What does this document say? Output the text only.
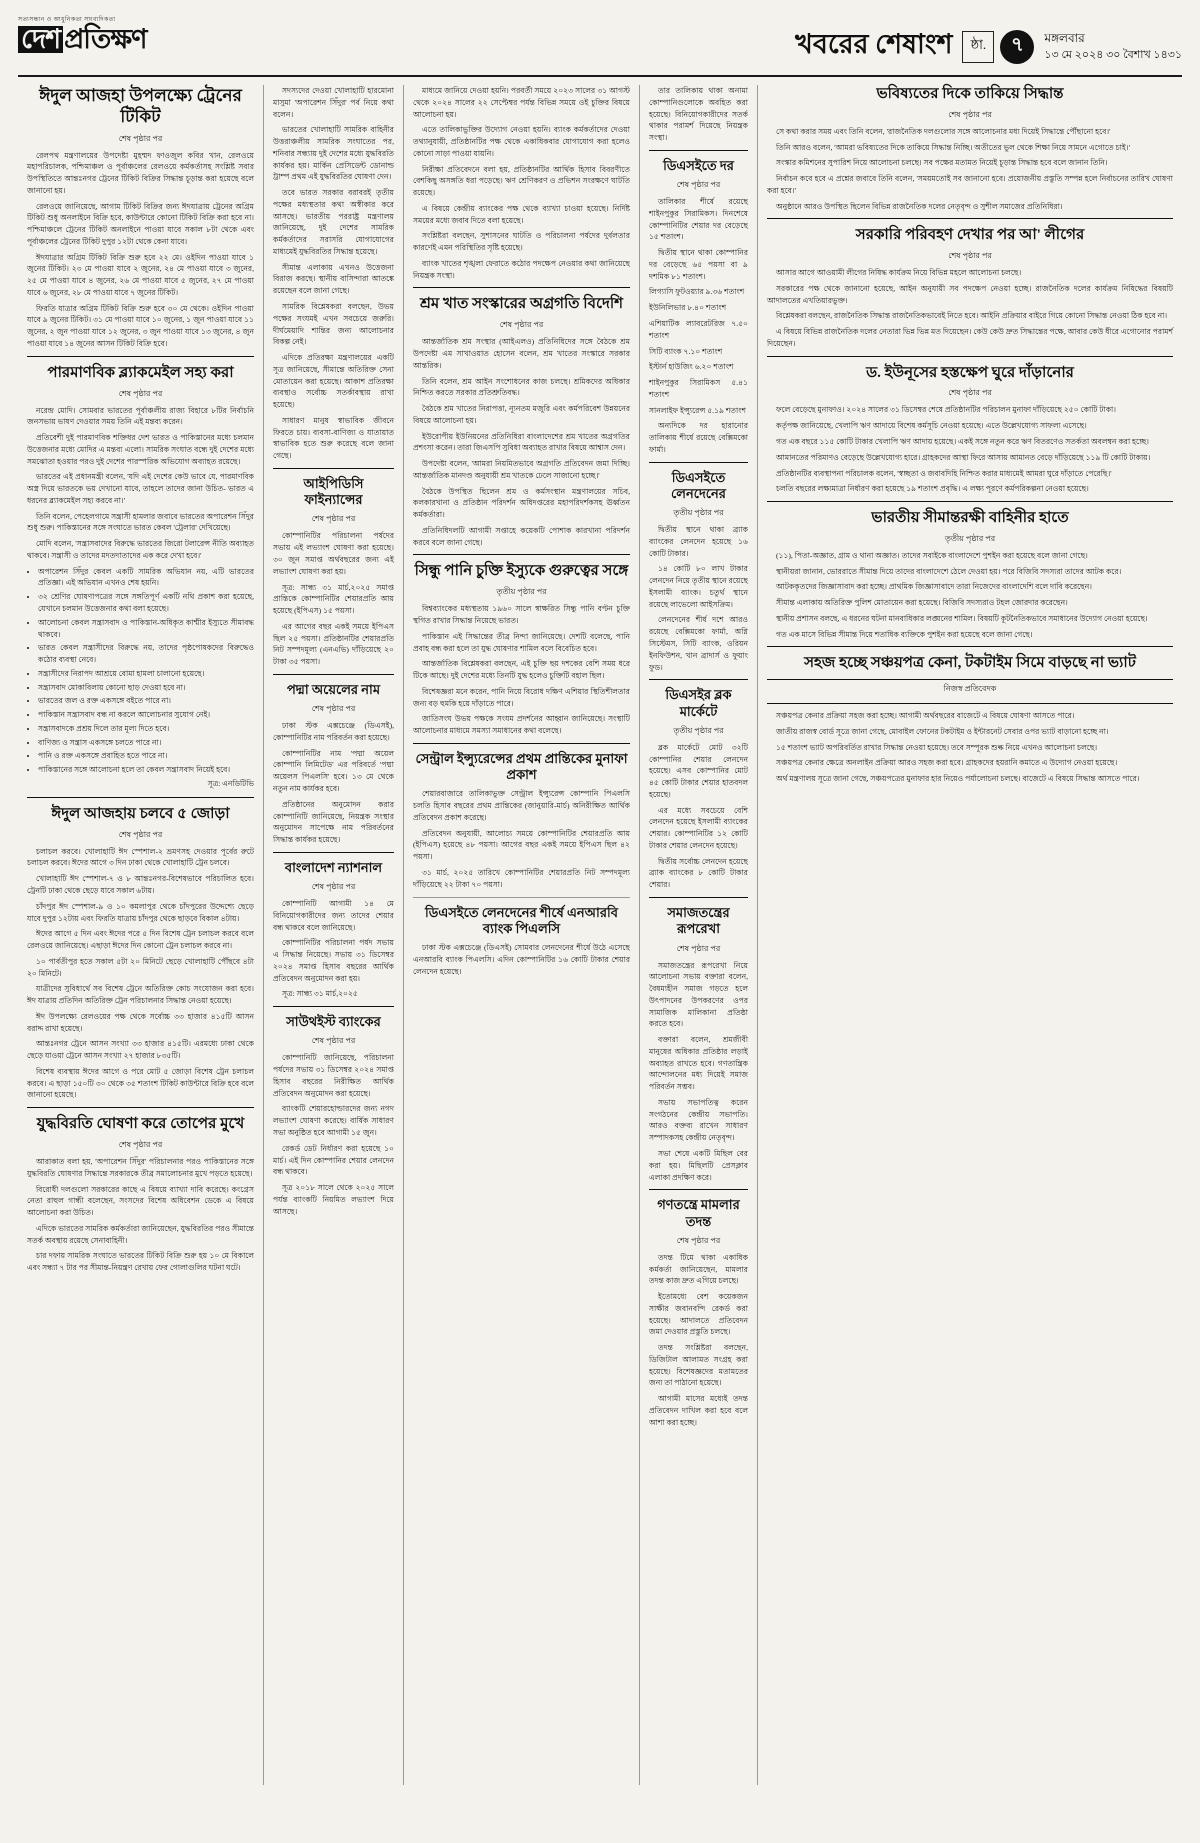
সত্যসন্ধান ও আধুনিকতা সাংবাদিকতা
দেশ প্রতিক্ষণ	খবরের শেষাংশ	ষ্ঠা.	৭	মঙ্গলবার
১৩ মে ২০২৪ ৩০ বৈশাখ ১৪৩১
ঈদুল আজহা উপলক্ষ্যে ট্রেনের টিকিট
শেষ পৃষ্ঠার পর

রেলপথ মন্ত্রণালয়ের উপদেষ্টা মুহম্মদ ফাওজুল কবির খান, রেলওয়ে মহাপরিচালক, পশ্চিমাঞ্চল ও পূর্বাঞ্চলের রেলওয়ে কর্মকর্তাসহ সংশ্লিষ্ট সবার উপস্থিতিতে আন্তঃনগর ট্রেনের টিকিট বিক্রির সিদ্ধান্ত চূড়ান্ত করা হয়েছে বলে জানানো হয়।

রেলওয়ে জানিয়েছে, আগাম টিকিট বিক্রির জন্য ঈদযাত্রায় ট্রেনের অগ্রিম টিকিট শুধু অনলাইনে বিক্রি হবে, কাউন্টারে কোনো টিকিট বিক্রি করা হবে না। পশ্চিমাঞ্চলে ট্রেনের টিকিট অনলাইনে পাওয়া যাবে সকাল ৮টা থেকে এবং পূর্বাঞ্চলের ট্রেনের টিকিট দুপুর ১২টা থেকে কেনা যাবে।

ঈদযাত্রার অগ্রিম টিকিট বিক্রি শুরু হবে ২২ মে। ওইদিন পাওয়া যাবে ১ জুনের টিকিট। ২৩ মে পাওয়া যাবে ২ জুনের, ২৪ মে পাওয়া যাবে ৩ জুনের, ২৫ মে পাওয়া যাবে ৪ জুনের, ২৬ মে পাওয়া যাবে ৫ জুনের, ২৭ মে পাওয়া যাবে ৬ জুনের, ২৮ মে পাওয়া যাবে ৭ জুনের টিকিট।

ফিরতি যাত্রার অগ্রিম টিকিট বিক্রি শুরু হবে ৩০ মে থেকে। ওইদিন পাওয়া যাবে ৯ জুনের টিকিট। ৩১ মে পাওয়া যাবে ১০ জুনের, ১ জুন পাওয়া যাবে ১১ জুনের, ২ জুন পাওয়া যাবে ১২ জুনের, ৩ জুন পাওয়া যাবে ১৩ জুনের, ৪ জুন পাওয়া যাবে ১৪ জুনের আসন টিকিট বিক্রি হবে।

পারমাণবিক ব্ল্যাকমেইল সহ্য করা
শেষ পৃষ্ঠার পর

নরেন্দ্র মোদি। সোমবার ভারতের পূর্বাঞ্চলীয় রাজ্য বিহারে ৮টির নির্বাচনি জনসভায় ভাষণ দেওয়ার সময় তিনি এই মন্তব্য করেন।

প্রতিবেশী দুই পারমাণবিক শক্তিধর দেশ ভারত ও পাকিস্তানের মধ্যে চলমান উত্তেজনার মধ্যে মোদির এ মন্তব্য এলো। সামরিক সংঘাত বন্ধে দুই দেশের মধ্যে সমঝোতা হওয়ার পরও দুই দেশের পারস্পরিক অভিযোগ অব্যাহত রয়েছে।

ভারতের এই প্রধানমন্ত্রী বলেন, 'যদি এই দেশের কেউ ভাবে যে, পারমাণবিক অস্ত্র দিয়ে ভারতকে ভয় দেখানো যাবে, তাহলে তাদের জানা উচিত- ভারত এ ধরনের ব্ল্যাকমেইল সহ্য করবে না।'

তিনি বলেন, পেহেলগামে সন্ত্রাসী হামলার জবাবে ভারতের অপারেশন সিঁদুর শুধু শুরু। পাকিস্তানের সঙ্গে সংঘাতে ভারত কেবল 'ট্রেলার' দেখিয়েছে।

মোদি বলেন, 'সন্ত্রাসবাদের বিরুদ্ধে ভারতের জিরো টলারেন্স নীতি অব্যাহত থাকবে। সন্ত্রাসী ও তাদের মদতদাতাদের এক করে দেখা হবে।'

• অপারেশন সিঁদুর কেবল একটি সামরিক অভিযান নয়, এটি ভারতের প্রতিজ্ঞা। এই অভিযান এখনও শেষ হয়নি।
• ৩২ শ্রেণির ঘোষণাপত্রের সঙ্গে সঙ্গতিপূর্ণ একটি নথি প্রকাশ করা হয়েছে, যেখানে চলমান উত্তেজনার কথা বলা হয়েছে।
• আলোচনা কেবল সন্ত্রাসবাদ ও পাকিস্তান-অধিকৃত কাশ্মীর ইস্যুতে সীমাবদ্ধ থাকবে।
• ভারত কেবল সন্ত্রাসীদের বিরুদ্ধে নয়, তাদের পৃষ্ঠপোষকদের বিরুদ্ধেও কঠোর ব্যবস্থা নেবে।
• সন্ত্রাসীদের নিরাপদ আশ্রয়ে বোমা হামলা চালানো হয়েছে।
• সন্ত্রাসবাদ মোকাবিলায় কোনো ছাড় দেওয়া হবে না।
• ভারতের জল ও রক্ত একসঙ্গে বইতে পারে না।
• পাকিস্তান সন্ত্রাসবাদ বন্ধ না করলে আলোচনার সুযোগ নেই।
• সন্ত্রাসবাদকে প্রশ্রয় দিলে তার মূল্য দিতে হবে।
• বাণিজ্য ও সন্ত্রাস একসঙ্গে চলতে পারে না।
• পানি ও রক্ত একসঙ্গে প্রবাহিত হতে পারে না।
• পাকিস্তানের সঙ্গে আলোচনা হলে তা কেবল সন্ত্রাসবাদ নিয়েই হবে।
সূত্র: এনডিটিভি
ঈদুল আজহায় চলবে ৫ জোড়া
শেষ পৃষ্ঠার পর

চলাচল করবে। খোলাহাটি ঈদ স্পেশাল-২ ভ্রমণসহ দেওয়ার পূর্বের রুটে চলাচল করবে। ঈদের আগে ৩ দিন ঢাকা থেকে খোলাহাটি ট্রেন চলবে।

খোলাহাটি ঈদ স্পেশাল-৭ ও ৮ আন্তঃনগর-বিশেষভাবে পরিচালিত হবে। ট্রেনটি ঢাকা থেকে ছেড়ে যাবে সকাল ৬টায়।

চাঁদপুর ঈদ স্পেশাল-৯ ও ১০ কমলাপুর থেকে চাঁদপুরের উদ্দেশ্যে ছেড়ে যাবে দুপুর ১২টায় এবং ফিরতি যাত্রায় চাঁদপুর থেকে ছাড়বে বিকাল ৪টায়।

ঈদের আগে ৫ দিন এবং ঈদের পরে ৫ দিন বিশেষ ট্রেন চলাচল করবে বলে রেলওয়ে জানিয়েছে। এছাড়া ঈদের দিন কোনো ট্রেন চলাচল করবে না।

১০ পার্বতীপুর হতে সকাল ৫টা ২০ মিনিটে ছেড়ে খোলাহাটি পৌঁছবে ৪টা ২০ মিনিটে।

যাত্রীদের সুবিধার্থে সব বিশেষ ট্রেনে অতিরিক্ত কোচ সংযোজন করা হবে। ঈদ যাত্রায় প্রতিদিন অতিরিক্ত ট্রেন পরিচালনার সিদ্ধান্ত নেওয়া হয়েছে।

ঈদ উপলক্ষ্যে রেলওয়ের পক্ষ থেকে সর্বোচ্চ ৩৩ হাজার ৪১৫টি আসন বরাদ্দ রাখা হয়েছে।

আন্তঃনগর ট্রেনে আসন সংখ্যা ৩৩ হাজার ৪১৫টি। এরমধ্যে ঢাকা থেকে ছেড়ে যাওয়া ট্রেনে আসন সংখ্যা ২৭ হাজার ৮৩৫টি।

বিশেষ ব্যবস্থায় ঈদের আগে ও পরে মোট ৫ জোড়া বিশেষ ট্রেন চলাচল করবে। এ ছাড়া ১৫০টি ৩০ থেকে ৩৫ শতাংশ টিকিট কাউন্টারে বিক্রি হবে বলে জানানো হয়েছে।

যুদ্ধবিরতি ঘোষণা করে তোপের মুখে
শেষ পৃষ্ঠার পর

আরাকাত বলা হয়, 'অপারেশন সিঁদুর' পরিচালনার পরও পাকিস্তানের সঙ্গে যুদ্ধবিরতি ঘোষণার সিদ্ধান্তে সরকারকে তীব্র সমালোচনার মুখে পড়তে হয়েছে।

বিরোধী দলগুলো সরকারের কাছে এ বিষয়ে ব্যাখ্যা দাবি করেছে। কংগ্রেস নেতা রাহুল গান্ধী বলেছেন, সংসদের বিশেষ অধিবেশন ডেকে এ বিষয়ে আলোচনা করা উচিত।

এদিকে ভারতের সামরিক কর্মকর্তারা জানিয়েছেন, যুদ্ধবিরতির পরও সীমান্তে সতর্ক অবস্থায় রয়েছে সেনাবাহিনী।

চার দফায় সামরিক সংঘাতে ভারতের টিকিট বিক্রি শুরু হয় ১০ মে বিকালে এবং সন্ধ্যা ৭ টার পর সীমান্ত-নিয়ন্ত্রণ রেখায় ফের গোলাগুলির ঘটনা ঘটে।

সদস্যদের দেওয়া খোলাহাটি হারমোনা মাসুমা 'অপারেশন সিঁদুর' পর্ব নিয়ে কথা বলেন।

ভারতের খোলাহাটি সামরিক বাহিনীর উত্তরাঞ্চলীয় সামরিক সংঘাতের পর, শনিবার সন্ধ্যায় দুই দেশের মধ্যে যুদ্ধবিরতি কার্যকর হয়। মার্কিন প্রেসিডেন্ট ডোনাল্ড ট্রাম্প প্রথম এই যুদ্ধবিরতির ঘোষণা দেন।

তবে ভারত সরকার বরাবরই তৃতীয় পক্ষের মধ্যস্থতার কথা অস্বীকার করে আসছে। ভারতীয় পররাষ্ট্র মন্ত্রণালয় জানিয়েছে, দুই দেশের সামরিক কর্মকর্তাদের সরাসরি যোগাযোগের মাধ্যমেই যুদ্ধবিরতির সিদ্ধান্ত হয়েছে।

সীমান্ত এলাকায় এখনও উত্তেজনা বিরাজ করছে। স্থানীয় বাসিন্দারা আতঙ্কে রয়েছেন বলে জানা গেছে।

সামরিক বিশ্লেষকরা বলছেন, উভয় পক্ষের সংযমই এখন সবচেয়ে জরুরি। দীর্ঘমেয়াদি শান্তির জন্য আলোচনার বিকল্প নেই।

এদিকে প্রতিরক্ষা মন্ত্রণালয়ের একটি সূত্র জানিয়েছে, সীমান্তে অতিরিক্ত সেনা মোতায়েন করা হয়েছে। আকাশ প্রতিরক্ষা ব্যবস্থাও সর্বোচ্চ সতর্কাবস্থায় রাখা হয়েছে।

সাধারণ মানুষ স্বাভাবিক জীবনে ফিরতে চায়। ব্যবসা-বাণিজ্য ও যাতায়াত স্বাভাবিক হতে শুরু করেছে বলে জানা গেছে।

আইপিডিসি ফাইন্যান্সের
শেষ পৃষ্ঠার পর

কোম্পানিটির পরিচালনা পর্ষদের সভায় এই লভ্যাংশ ঘোষণা করা হয়েছে। ৩০ জুন সমাপ্ত অর্থবছরের জন্য এই লভ্যাংশ ঘোষণা করা হয়।

সূত্র: সান্ধ্য ৩১ মার্চ,২০২৫ সমাপ্ত প্রান্তিকে কোম্পানিটির শেয়ারপ্রতি আয় হয়েছে (ইপিএস) ১৫ পয়সা।

এর আগের বছর একই সময়ে ইপিএস ছিল ২৫ পয়সা। প্রতিষ্ঠানটির শেয়ারপ্রতি নিট সম্পদমূল্য (এনএভি) দাঁড়িয়েছে ২০ টাকা ৩৫ পয়সা।

পদ্মা অয়েলের নাম
শেষ পৃষ্ঠার পর

ঢাকা স্টক এক্সচেঞ্জে (ডিএসই), কোম্পানিটির নাম পরিবর্তন করা হয়েছে।

কোম্পানিটির নাম 'পদ্মা অয়েল কোম্পানি লিমিটেড' এর পরিবর্তে 'পদ্মা অয়েলস পিএলসি' হবে। ১৩ মে থেকে নতুন নাম কার্যকর হবে।

প্রতিষ্ঠানের অনুমোদন করার কোম্পানিটি জানিয়েছে, নিয়ন্ত্রক সংস্থার অনুমোদন সাপেক্ষে নাম পরিবর্তনের সিদ্ধান্ত কার্যকর হয়েছে।

বাংলাদেশ ন্যাশনাল
শেষ পৃষ্ঠার পর

কোম্পানিটি আগামী ১৪ মে বিনিয়োগকারীদের জন্য তাদের শেয়ার বন্ধ থাকবে বলে জানিয়েছে।

কোম্পানিটির পরিচালনা পর্ষদ সভায় এ সিদ্ধান্ত নিয়েছে। সভায় ৩১ ডিসেম্বর ২০২৪ সমাপ্ত হিসাব বছরের আর্থিক প্রতিবেদন অনুমোদন করা হয়।

সূত্র: সান্ধ্য ৩১ মার্চ,২০২৫

সাউথইস্ট ব্যাংকের
শেষ পৃষ্ঠার পর

কোম্পানিটি জানিয়েছে, পরিচালনা পর্ষদের সভায় ৩১ ডিসেম্বর ২০২৪ সমাপ্ত হিসাব বছরের নিরীক্ষিত আর্থিক প্রতিবেদন অনুমোদন করা হয়েছে।

ব্যাংকটি শেয়ারহোল্ডারদের জন্য নগদ লভ্যাংশ ঘোষণা করেছে। বার্ষিক সাধারণ সভা অনুষ্ঠিত হবে আগামী ১৫ জুন।

রেকর্ড ডেট নির্ধারণ করা হয়েছে ১০ মার্চ। এই দিন কোম্পানির শেয়ার লেনদেন বন্ধ থাকবে।

সূত্র ২০১৮ সালে থেকে ২০২৫ সালে পর্যন্ত ব্যাংকটি নিয়মিত লভ্যাংশ দিয়ে আসছে।

মাধ্যমে জানিয়ে দেওয়া হয়নি। পরবর্তী সময়ে ২০২৩ সালের ৩১ আগস্ট থেকে ২০২৪ সালের ২২ সেপ্টেম্বর পর্যন্ত বিভিন্ন সময়ে ওই চুক্তির বিষয়ে আলোচনা হয়।

এতে তালিকাভুক্তির উদ্যোগ নেওয়া হয়নি। ব্যাংক কর্মকর্তাদের দেওয়া তথ্যানুযায়ী, প্রতিষ্ঠানটির পক্ষ থেকে একাধিকবার যোগাযোগ করা হলেও কোনো সাড়া পাওয়া যায়নি।

নিরীক্ষা প্রতিবেদনে বলা হয়, প্রতিষ্ঠানটির আর্থিক হিসাব বিবরণীতে বেশকিছু অসঙ্গতি ধরা পড়েছে। ঋণ শ্রেণিকরণ ও প্রভিশন সংরক্ষণে ঘাটতি রয়েছে।

এ বিষয়ে কেন্দ্রীয় ব্যাংকের পক্ষ থেকে ব্যাখ্যা চাওয়া হয়েছে। নির্দিষ্ট সময়ের মধ্যে জবাব দিতে বলা হয়েছে।

সংশ্লিষ্টরা বলছেন, সুশাসনের ঘাটতি ও পরিচালনা পর্ষদের দুর্বলতার কারণেই এমন পরিস্থিতির সৃষ্টি হয়েছে।

ব্যাংক খাতের শৃঙ্খলা ফেরাতে কঠোর পদক্ষেপ নেওয়ার কথা জানিয়েছে নিয়ন্ত্রক সংস্থা।

শ্রম খাত সংস্কারের অগ্রগতি বিদেশি
শেষ পৃষ্ঠার পর

আন্তর্জাতিক শ্রম সংস্থার (আইএলও) প্রতিনিধিদের সঙ্গে বৈঠকে শ্রম উপদেষ্টা এম সাখাওয়াত হোসেন বলেন, শ্রম খাতের সংস্কারে সরকার আন্তরিক।

তিনি বলেন, শ্রম আইন সংশোধনের কাজ চলছে। শ্রমিকদের অধিকার নিশ্চিত করতে সরকার প্রতিশ্রুতিবদ্ধ।

বৈঠকে শ্রম খাতের নিরাপত্তা, ন্যূনতম মজুরি এবং কর্মপরিবেশ উন্নয়নের বিষয়ে আলোচনা হয়।

ইউরোপীয় ইউনিয়নের প্রতিনিধিরা বাংলাদেশের শ্রম খাতের অগ্রগতির প্রশংসা করেন। তারা জিএসপি সুবিধা অব্যাহত রাখার বিষয়ে আশ্বাস দেন।

উপদেষ্টা বলেন, 'আমরা নিয়মিতভাবে অগ্রগতি প্রতিবেদন জমা দিচ্ছি। আন্তর্জাতিক মানদণ্ড অনুযায়ী শ্রম খাতকে ঢেলে সাজানো হচ্ছে।'

বৈঠকে উপস্থিত ছিলেন শ্রম ও কর্মসংস্থান মন্ত্রণালয়ের সচিব, কলকারখানা ও প্রতিষ্ঠান পরিদর্শন অধিদপ্তরের মহাপরিদর্শকসহ ঊর্ধ্বতন কর্মকর্তারা।

প্রতিনিধিদলটি আগামী সপ্তাহে কয়েকটি পোশাক কারখানা পরিদর্শন করবে বলে জানা গেছে।

সিন্ধু পানি চুক্তি ইস্যুকে গুরুত্বের সঙ্গে
তৃতীয় পৃষ্ঠার পর

বিশ্বব্যাংকের মধ্যস্থতায় ১৯৬০ সালে স্বাক্ষরিত সিন্ধু পানি বণ্টন চুক্তি স্থগিত রাখার সিদ্ধান্ত নিয়েছে ভারত।

পাকিস্তান এই সিদ্ধান্তের তীব্র নিন্দা জানিয়েছে। দেশটি বলেছে, পানি প্রবাহ বন্ধ করা হলে তা যুদ্ধ ঘোষণার শামিল বলে বিবেচিত হবে।

আন্তর্জাতিক বিশ্লেষকরা বলছেন, এই চুক্তি ছয় দশকের বেশি সময় ধরে টিকে আছে। দুই দেশের মধ্যে তিনটি যুদ্ধ হলেও চুক্তিটি বহাল ছিল।

বিশেষজ্ঞরা মনে করেন, পানি নিয়ে বিরোধ দক্ষিণ এশিয়ার স্থিতিশীলতার জন্য বড় হুমকি হয়ে দাঁড়াতে পারে।

জাতিসংঘ উভয় পক্ষকে সংযম প্রদর্শনের আহ্বান জানিয়েছে। সংস্থাটি আলোচনার মাধ্যমে সমস্যা সমাধানের কথা বলেছে।

সেন্ট্রাল ইন্স্যুরেন্সের প্রথম প্রান্তিকের মুনাফা প্রকাশ

শেয়ারবাজারে তালিকাভুক্ত সেন্ট্রাল ইন্স্যুরেন্স কোম্পানি পিএলসি চলতি হিসাব বছরের প্রথম প্রান্তিকের (জানুয়ারি-মার্চ) অনিরীক্ষিত আর্থিক প্রতিবেদন প্রকাশ করেছে।

প্রতিবেদন অনুযায়ী, আলোচ্য সময়ে কোম্পানিটির শেয়ারপ্রতি আয় (ইপিএস) হয়েছে ৪৮ পয়সা। আগের বছর একই সময়ে ইপিএস ছিল ৪২ পয়সা।

৩১ মার্চ, ২০২৫ তারিখে কোম্পানিটির শেয়ারপ্রতি নিট সম্পদমূল্য দাঁড়িয়েছে ২২ টাকা ৭০ পয়সা।

ডিএসইতে লেনদেনের শীর্ষে এনআরবি ব্যাংক পিএলসি

ঢাকা স্টক এক্সচেঞ্জে (ডিএসই) সোমবার লেনদেনের শীর্ষে উঠে এসেছে এনআরবি ব্যাংক পিএলসি। এদিন কোম্পানিটির ১৬ কোটি টাকার শেয়ার লেনদেন হয়েছে।

তার তালিকায় থাকা অনামা কোম্পানিগুলোকে অবহিত করা হয়েছে। বিনিয়োগকারীদের সতর্ক থাকার পরামর্শ দিয়েছে নিয়ন্ত্রক সংস্থা।

ডিএসইতে দর
শেষ পৃষ্ঠার পর

তালিকার শীর্ষে রয়েছে শাইনপুকুর সিরামিকস। দিনশেষে কোম্পানিটির শেয়ার দর বেড়েছে ১৫ শতাংশ।

দ্বিতীয় স্থানে থাকা কোম্পানির দর বেড়েছে ৬৫ পয়সা বা ৯ দশমিক ৮১ শতাংশ।

লিগ্যাসি ফুটওয়্যার ৯.৩৬ শতাংশ

ইউনিলিভার ৮.৪০ শতাংশ

এশিয়াটিক ল্যাবরেটরিজ ৭.৫০ শতাংশ

সিটি ব্যাংক ৭.১০ শতাংশ

ইস্টার্ন হাউজিং ৬.২০ শতাংশ

শাইনপুকুর সিরামিকস ৫.৪১ শতাংশ

সানলাইফ ইন্স্যুরেন্স ৫.১৯ শতাংশ

অন্যদিকে দর হারানোর তালিকায় শীর্ষে রয়েছে বেক্সিমকো ফার্মা।

ডিএসইতে লেনদেনের
তৃতীয় পৃষ্ঠার পর

দ্বিতীয় স্থানে থাকা ব্র্যাক ব্যাংকের লেনদেন হয়েছে ১৬ কোটি টাকার।

১৪ কোটি ৮০ লাখ টাকার লেনদেন নিয়ে তৃতীয় স্থানে রয়েছে ইসলামী ব্যাংক। চতুর্থ স্থানে রয়েছে লাভেলো আইসক্রিম।

লেনদেনের শীর্ষ দশে আরও রয়েছে বেক্সিমকো ফার্মা, অগ্নি সিস্টেমস, সিটি ব্যাংক, ওরিয়ন ইনফিউশন, খান ব্রাদার্স ও ফুয়াং ফুড।

ডিএসইর ব্লক মার্কেটে
তৃতীয় পৃষ্ঠার পর

ব্লক মার্কেটে মোট ৩২টি কোম্পানির শেয়ার লেনদেন হয়েছে। এসব কোম্পানির মোট ৪৫ কোটি টাকার শেয়ার হাতবদল হয়েছে।

এর মধ্যে সবচেয়ে বেশি লেনদেন হয়েছে ইসলামী ব্যাংকের শেয়ার। কোম্পানিটির ১২ কোটি টাকার শেয়ার লেনদেন হয়েছে।

দ্বিতীয় সর্বোচ্চ লেনদেন হয়েছে ব্র্যাক ব্যাংকের ৮ কোটি টাকার শেয়ার।

সমাজতন্ত্রের রূপরেখা
শেষ পৃষ্ঠার পর

সমাজতন্ত্রের রূপরেখা নিয়ে আলোচনা সভায় বক্তারা বলেন, বৈষম্যহীন সমাজ গড়তে হলে উৎপাদনের উপকরণের ওপর সামাজিক মালিকানা প্রতিষ্ঠা করতে হবে।

বক্তারা বলেন, শ্রমজীবী মানুষের অধিকার প্রতিষ্ঠার লড়াই অব্যাহত রাখতে হবে। গণতান্ত্রিক আন্দোলনের মধ্য দিয়েই সমাজ পরিবর্তন সম্ভব।

সভায় সভাপতিত্ব করেন সংগঠনের কেন্দ্রীয় সভাপতি। আরও বক্তব্য রাখেন সাধারণ সম্পাদকসহ কেন্দ্রীয় নেতৃবৃন্দ।

সভা শেষে একটি মিছিল বের করা হয়। মিছিলটি প্রেসক্লাব এলাকা প্রদক্ষিণ করে।

গণতন্ত্রে মামলার তদন্ত
শেষ পৃষ্ঠার পর

তদন্ত টিমে থাকা একাধিক কর্মকর্তা জানিয়েছেন, মামলার তদন্ত কাজ দ্রুত এগিয়ে চলছে।

ইতোমধ্যে বেশ কয়েকজন সাক্ষীর জবানবন্দি রেকর্ড করা হয়েছে। আদালতে প্রতিবেদন জমা দেওয়ার প্রস্তুতি চলছে।

তদন্ত সংশ্লিষ্টরা বলছেন, ডিজিটাল আলামত সংগ্রহ করা হয়েছে। বিশেষজ্ঞদের মতামতের জন্য তা পাঠানো হয়েছে।

আগামী মাসের মধ্যেই তদন্ত প্রতিবেদন দাখিল করা হবে বলে আশা করা হচ্ছে।

ভবিষ্যতের দিকে তাকিয়ে সিদ্ধান্ত
শেষ পৃষ্ঠার পর

সে কথা করার সময় এবং তিনি বলেন, 'রাজনৈতিক দলগুলোর সঙ্গে আলোচনার মধ্য দিয়েই সিদ্ধান্তে পৌঁছানো হবে।'

তিনি আরও বলেন, 'আমরা ভবিষ্যতের দিকে তাকিয়ে সিদ্ধান্ত নিচ্ছি। অতীতের ভুল থেকে শিক্ষা নিয়ে সামনে এগোতে চাই।'

সংস্কার কমিশনের সুপারিশ নিয়ে আলোচনা চলছে। সব পক্ষের মতামত নিয়েই চূড়ান্ত সিদ্ধান্ত হবে বলে জানান তিনি।

নির্বাচন কবে হবে এ প্রশ্নের জবাবে তিনি বলেন, 'সময়মতোই সব জানানো হবে। প্রয়োজনীয় প্রস্তুতি সম্পন্ন হলে নির্বাচনের তারিখ ঘোষণা করা হবে।'

অনুষ্ঠানে আরও উপস্থিত ছিলেন বিভিন্ন রাজনৈতিক দলের নেতৃবৃন্দ ও সুশীল সমাজের প্রতিনিধিরা।

সরকারি পরিবহণ দেখার পর আ' লীগের
শেষ পৃষ্ঠার পর

আসার আগে আওয়ামী লীগের নিষিদ্ধ কার্যক্রম নিয়ে বিভিন্ন মহলে আলোচনা চলছে।

সরকারের পক্ষ থেকে জানানো হয়েছে, আইন অনুযায়ী সব পদক্ষেপ নেওয়া হচ্ছে। রাজনৈতিক দলের কার্যক্রম নিষিদ্ধের বিষয়টি আদালতের এখতিয়ারভুক্ত।

বিশ্লেষকরা বলছেন, রাজনৈতিক সিদ্ধান্ত রাজনৈতিকভাবেই নিতে হবে। আইনি প্রক্রিয়ার বাইরে গিয়ে কোনো সিদ্ধান্ত নেওয়া ঠিক হবে না।

এ বিষয়ে বিভিন্ন রাজনৈতিক দলের নেতারা ভিন্ন ভিন্ন মত দিয়েছেন। কেউ কেউ দ্রুত সিদ্ধান্তের পক্ষে, আবার কেউ ধীরে এগোনোর পরামর্শ দিয়েছেন।

ড. ইউনূসের হস্তক্ষেপ ঘুরে দাঁড়ানোর
শেষ পৃষ্ঠার পর

ফলে বেড়েছে মুনাফাও। ২০২৪ সালের ৩১ ডিসেম্বর শেষে প্রতিষ্ঠানটির পরিচালন মুনাফা দাঁড়িয়েছে ২৫০ কোটি টাকা।

কর্তৃপক্ষ জানিয়েছে, খেলাপি ঋণ আদায়ে বিশেষ কর্মসূচি নেওয়া হয়েছে। এতে উল্লেখযোগ্য সাফল্য এসেছে।

গত এক বছরে ১১৫ কোটি টাকার খেলাপি ঋণ আদায় হয়েছে। একই সঙ্গে নতুন করে ঋণ বিতরণেও সতর্কতা অবলম্বন করা হচ্ছে।

আমানতের পরিমাণও বেড়েছে উল্লেখযোগ্য হারে। গ্রাহকদের আস্থা ফিরে আসায় আমানত বেড়ে দাঁড়িয়েছে ১১৯ টি কোটি টাকায়।

প্রতিষ্ঠানটির ব্যবস্থাপনা পরিচালক বলেন, 'স্বচ্ছতা ও জবাবদিহি নিশ্চিত করার মাধ্যমেই আমরা ঘুরে দাঁড়াতে পেরেছি।'

চলতি বছরের লক্ষ্যমাত্রা নির্ধারণ করা হয়েছে ১৯ শতাংশ প্রবৃদ্ধি। এ লক্ষ্য পূরণে কর্মপরিকল্পনা নেওয়া হয়েছে।

ভারতীয় সীমান্তরক্ষী বাহিনীর হাতে
তৃতীয় পৃষ্ঠার পর

(১১), পিতা-অজ্ঞাত, গ্রাম ও থানা অজ্ঞাত। তাদের সবাইকে বাংলাদেশে পুশইন করা হয়েছে বলে জানা গেছে।

স্থানীয়রা জানান, ভোররাতে সীমান্ত দিয়ে তাদের বাংলাদেশে ঠেলে দেওয়া হয়। পরে বিজিবি সদস্যরা তাদের আটক করে।

আটককৃতদের জিজ্ঞাসাবাদ করা হচ্ছে। প্রাথমিক জিজ্ঞাসাবাদে তারা নিজেদের বাংলাদেশি বলে দাবি করেছেন।

সীমান্ত এলাকায় অতিরিক্ত পুলিশ মোতায়েন করা হয়েছে। বিজিবি সদস্যরাও টহল জোরদার করেছেন।

স্থানীয় প্রশাসন বলছে, এ ধরনের ঘটনা মানবাধিকার লঙ্ঘনের শামিল। বিষয়টি কূটনৈতিকভাবে সমাধানের উদ্যোগ নেওয়া হয়েছে।

গত এক মাসে বিভিন্ন সীমান্ত দিয়ে শতাধিক ব্যক্তিকে পুশইন করা হয়েছে বলে জানা গেছে।

সহজ হচ্ছে সঞ্চয়পত্র কেনা, টকটাইম সিমে বাড়ছে না ভ্যাট
নিজস্ব প্রতিবেদক

সঞ্চয়পত্র কেনার প্রক্রিয়া সহজ করা হচ্ছে। আগামী অর্থবছরের বাজেটে এ বিষয়ে ঘোষণা আসতে পারে।

জাতীয় রাজস্ব বোর্ড সূত্রে জানা গেছে, মোবাইল ফোনের টকটাইম ও ইন্টারনেট সেবার ওপর ভ্যাট বাড়ানো হচ্ছে না।

১৫ শতাংশ ভ্যাট অপরিবর্তিত রাখার সিদ্ধান্ত নেওয়া হয়েছে। তবে সম্পূরক শুল্ক নিয়ে এখনও আলোচনা চলছে।

সঞ্চয়পত্র কেনার ক্ষেত্রে অনলাইন প্রক্রিয়া আরও সহজ করা হবে। গ্রাহকদের হয়রানি কমাতে এ উদ্যোগ নেওয়া হয়েছে।

অর্থ মন্ত্রণালয় সূত্রে জানা গেছে, সঞ্চয়পত্রের মুনাফার হার নিয়েও পর্যালোচনা চলছে। বাজেটে এ বিষয়ে সিদ্ধান্ত আসতে পারে।
